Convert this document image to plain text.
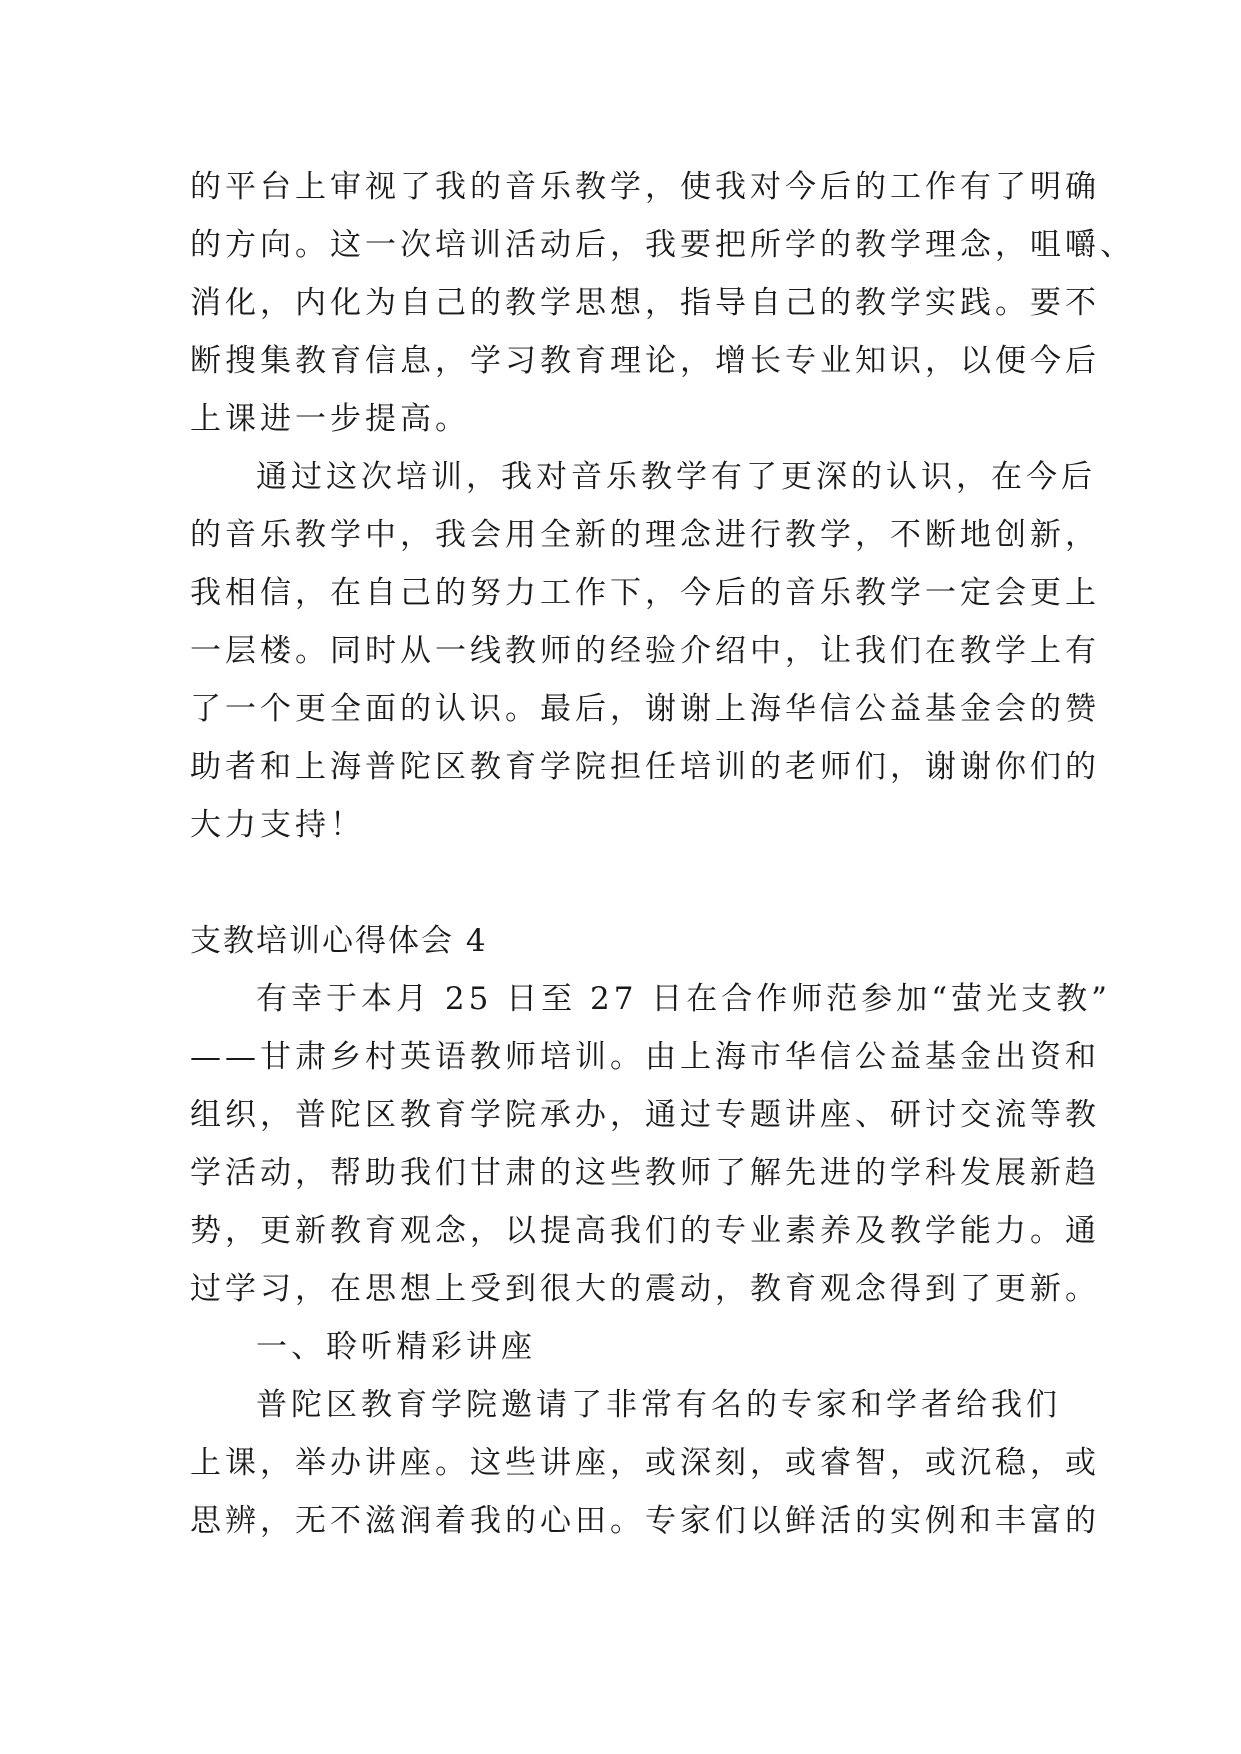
的平台上审视了我的音乐教学，使我对今后的工作有了明确
的方向。这一次培训活动后，我要把所学的教学理念，咀嚼、
消化，内化为自己的教学思想，指导自己的教学实践。要不
断搜集教育信息，学习教育理论，增长专业知识，以便今后
上课进一步提高。
通过这次培训，我对音乐教学有了更深的认识，在今后
的音乐教学中，我会用全新的理念进行教学，不断地创新，
我相信，在自己的努力工作下，今后的音乐教学一定会更上
一层楼。同时从一线教师的经验介绍中，让我们在教学上有
了一个更全面的认识。最后，谢谢上海华信公益基金会的赞
助者和上海普陀区教育学院担任培训的老师们，谢谢你们的
大力支持！
支教培训心得体会 4
有幸于本月 25 日至 27 日在合作师范参加“萤光支教”
——甘肃乡村英语教师培训。由上海市华信公益基金出资和
组织，普陀区教育学院承办，通过专题讲座、研讨交流等教
学活动，帮助我们甘肃的这些教师了解先进的学科发展新趋
势，更新教育观念，以提高我们的专业素养及教学能力。通
过学习，在思想上受到很大的震动，教育观念得到了更新。
一、聆听精彩讲座
普陀区教育学院邀请了非常有名的专家和学者给我们
上课，举办讲座。这些讲座，或深刻，或睿智，或沉稳，或
思辨，无不滋润着我的心田。专家们以鲜活的实例和丰富的
